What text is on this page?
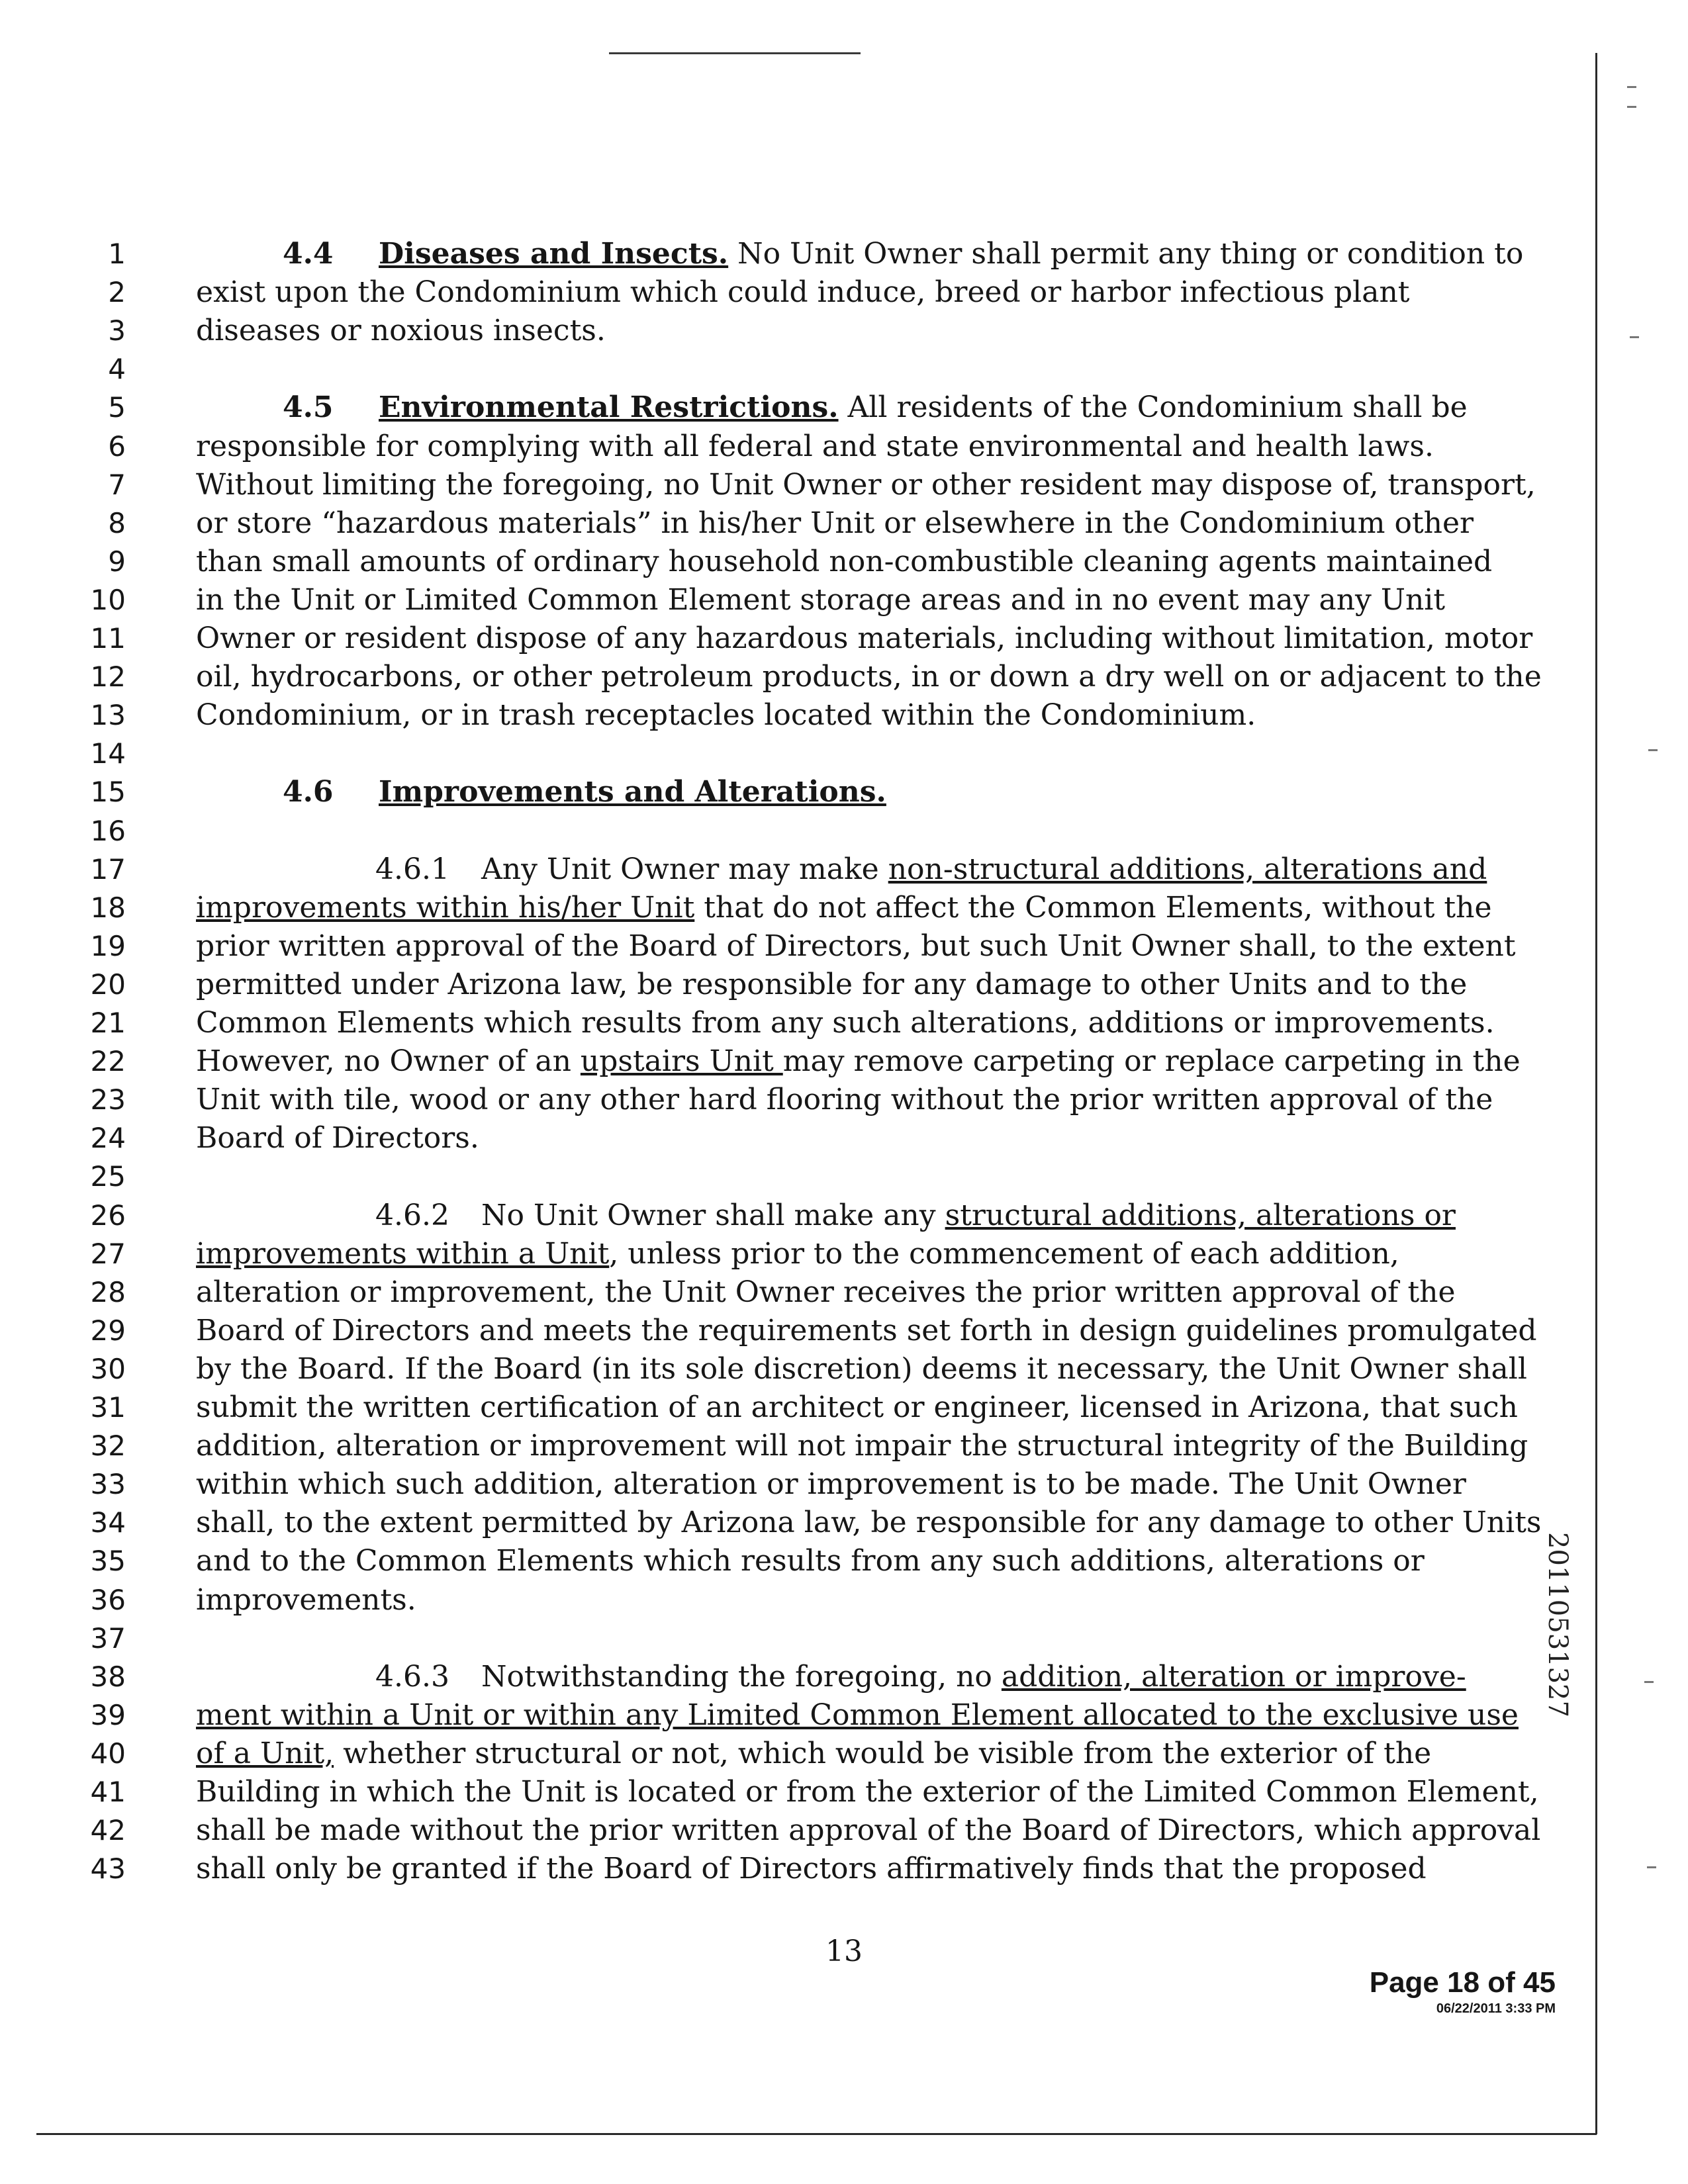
1	4.4 Diseases and Insects. No Unit Owner shall permit any thing or condition to
2 exist upon the Condominium which could induce, breed or harbor infectious plant
3 diseases or noxious insects.
4
5	4.5 Environmental Restrictions. All residents of the Condominium shall be
6 responsible for complying with all federal and state environmental and health laws.
7 Without limiting the foregoing, no Unit Owner or other resident may dispose of, transport,
8 or store “hazardous materials” in his/her Unit or elsewhere in the Condominium other
9 than small amounts of ordinary household non-combustible cleaning agents maintained
10 in the Unit or Limited Common Element storage areas and in no event may any Unit
11 Owner or resident dispose of any hazardous materials, including without limitation, motor
12 oil, hydrocarbons, or other petroleum products, in or down a dry well on or adjacent to the
13 Condominium, or in trash receptacles located within the Condominium.
14
15	4.6 Improvements and Alterations.
16
17	4.6.1 Any Unit Owner may make non-structural additions, alterations and
18 improvements within his/her Unit that do not affect the Common Elements, without the
19 prior written approval of the Board of Directors, but such Unit Owner shall, to the extent
20 permitted under Arizona law, be responsible for any damage to other Units and to the
21 Common Elements which results from any such alterations, additions or improvements.
22 However, no Owner of an upstairs Unit may remove carpeting or replace carpeting in the
23 Unit with tile, wood or any other hard flooring without the prior written approval of the
24 Board of Directors.
25
26	4.6.2 No Unit Owner shall make any structural additions, alterations or
27 improvements within a Unit, unless prior to the commencement of each addition,
28 alteration or improvement, the Unit Owner receives the prior written approval of the
29 Board of Directors and meets the requirements set forth in design guidelines promulgated
30 by the Board. If the Board (in its sole discretion) deems it necessary, the Unit Owner shall
31 submit the written certification of an architect or engineer, licensed in Arizona, that such
32 addition, alteration or improvement will not impair the structural integrity of the Building
33 within which such addition, alteration or improvement is to be made. The Unit Owner
34 shall, to the extent permitted by Arizona law, be responsible for any damage to other Units
35 and to the Common Elements which results from any such additions, alterations or
36 improvements.
37
38	4.6.3 Notwithstanding the foregoing, no addition, alteration or improve-
39 ment within a Unit or within any Limited Common Element allocated to the exclusive use
40 of a Unit, whether structural or not, which would be visible from the exterior of the
41 Building in which the Unit is located or from the exterior of the Limited Common Element,
42 shall be made without the prior written approval of the Board of Directors, which approval
43 shall only be granted if the Board of Directors affirmatively finds that the proposed
13
Page 18 of 45
06/22/2011 3:33 PM
20110531327
